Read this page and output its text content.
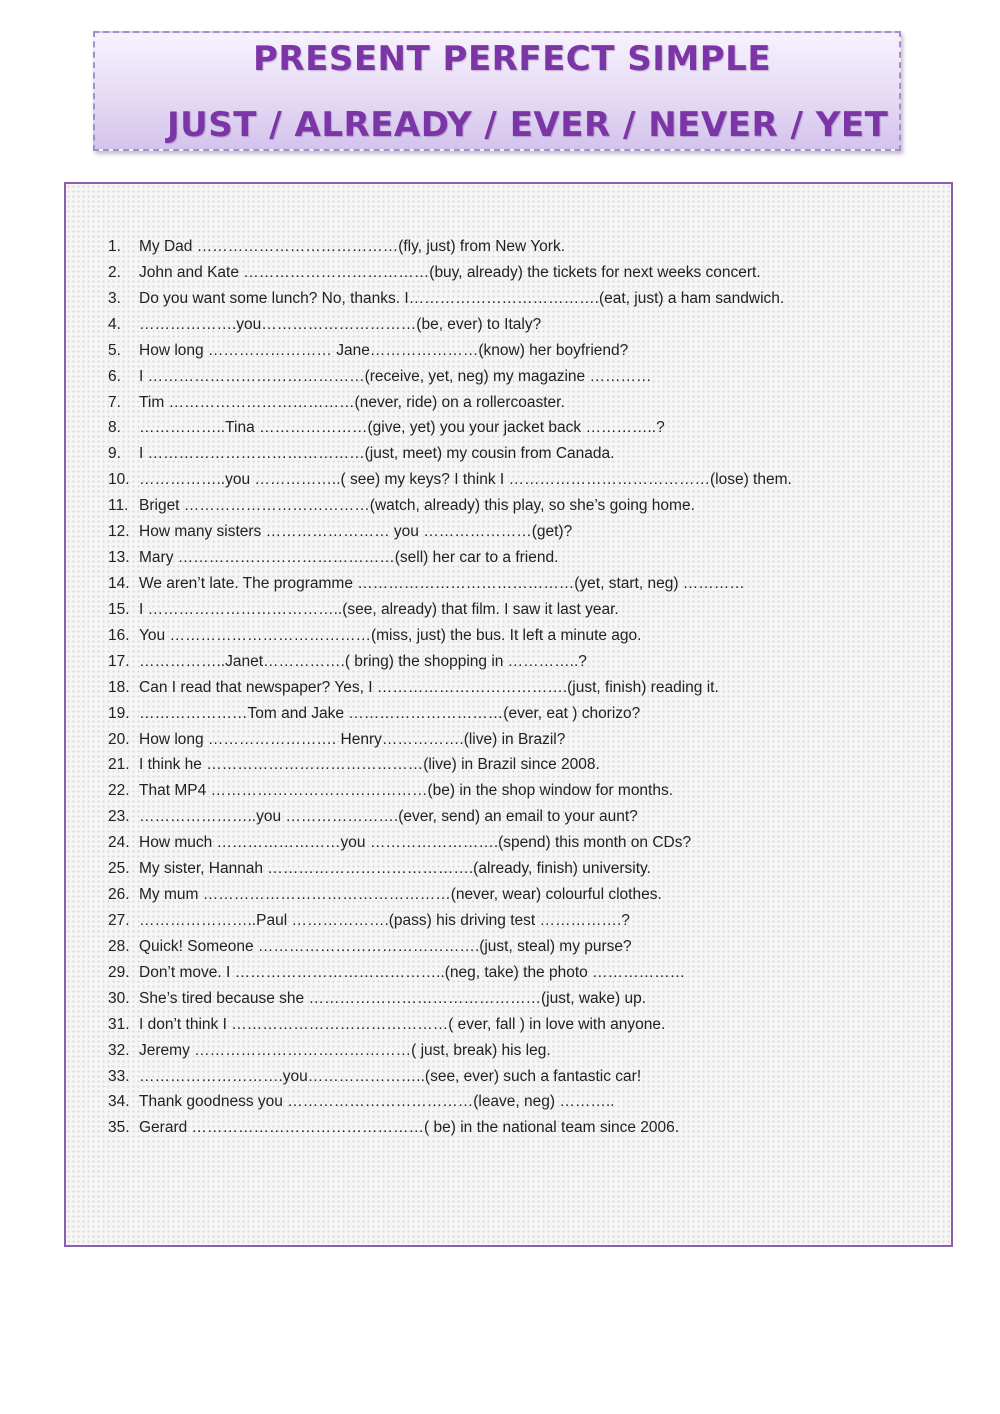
PRESENT PERFECT SIMPLE
JUST / ALREADY / EVER / NEVER / YET
1.	My Dad …………………………………(fly, just) from New York.
2.	John and Kate ………………………………(buy, already) the tickets for next weeks concert.
3.	Do you want some lunch? No, thanks. I……………………………….(eat, just) a ham sandwich.
4.	……………….you…………………………(be, ever) to Italy?
5.	How long …………………… Jane…………………(know) her boyfriend?
6.	I ……………………………………(receive, yet, neg) my magazine …………
7.	Tim ………………………………(never, ride) on a rollercoaster.
8.	……………..Tina …………………(give, yet) you your jacket back …………..?
9.	I ……………………………………(just, meet) my cousin from Canada.
10. ……………..you ……………..( see) my keys? I think I …………………………………(lose) them.
11. Briget ………………………………(watch, already) this play, so she’s going home.
12. How many sisters …………………… you …………………(get)?
13. Mary ……………………………………(sell) her car to a friend.
14. We aren’t late. The programme ……………………………………(yet, start, neg) …………
15. I ………………………………..(see, already) that film. I saw it last year.
16. You …………………………………(miss, just) the bus. It left a minute ago.
17. ……………..Janet…………….( bring) the shopping in …………..?
18. Can I read that newspaper? Yes, I ……………………………….(just, finish) reading it.
19. …………………Tom and Jake …………………………(ever, eat ) chorizo?
20. How long ……………………. Henry…………….(live) in Brazil?
21. I think he ……………………………………(live) in Brazil since 2008.
22. That MP4 ……………………………………(be) in the shop window for months.
23. …………………..you ………………….(ever, send) an email to your aunt?
24. How much ……………………you …………………….(spend) this month on CDs?
25. My sister, Hannah ………………………………….(already, finish) university.
26. My mum …………………………………………(never, wear) colourful clothes.
27. …………………..Paul ……………….(pass) his driving test …………….?
28. Quick! Someone …………………………………….(just, steal) my purse?
29. Don’t move. I …………………………………..(neg, take) the photo ………………
30. She’s tired because she ………………………………………(just, wake) up.
31. I don’t think I ……………………………………( ever, fall ) in love with anyone.
32. Jeremy ……………………………………( just, break) his leg.
33. ……………………….you…………………..(see, ever) such a fantastic car!
34. Thank goodness you ………………………………(leave, neg) ………..
35. Gerard ………………………………………( be) in the national team since 2006.
